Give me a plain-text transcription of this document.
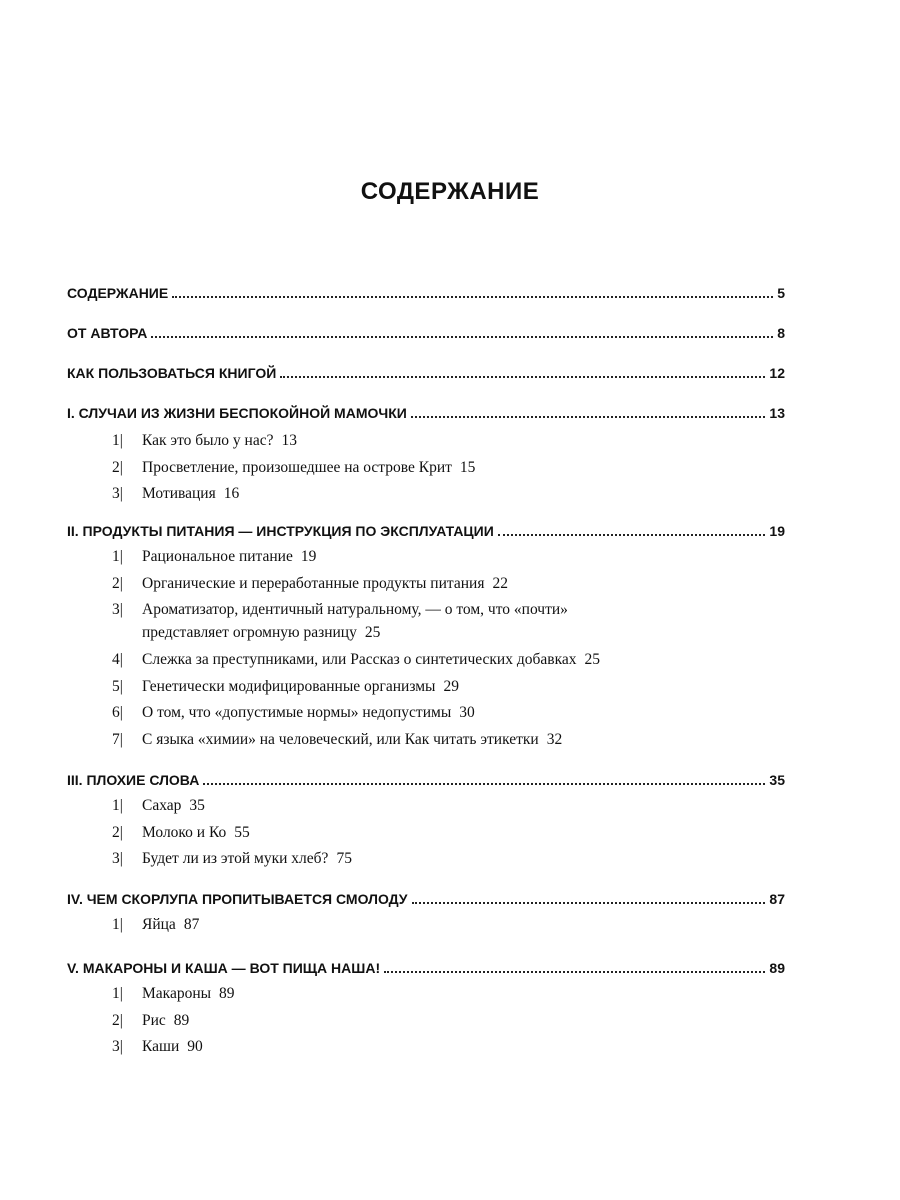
СОДЕРЖАНИЕ
СОДЕРЖАНИЕ	5
ОТ АВТОРА	8
КАК ПОЛЬЗОВАТЬСЯ КНИГОЙ	12
I. СЛУЧАИ ИЗ ЖИЗНИ БЕСПОКОЙНОЙ МАМОЧКИ	13
1|	Как это было у нас? 13
2|	Просветление, произошедшее на острове Крит 15
3|	Мотивация 16
II. ПРОДУКТЫ ПИТАНИЯ — ИНСТРУКЦИЯ ПО ЭКСПЛУАТАЦИИ	19
1|	Рациональное питание 19
2|	Органические и переработанные продукты питания 22
3|	Ароматизатор, идентичный натуральному, — о том, что «почти»
представляет огромную разницу 25
4|	Слежка за преступниками, или Рассказ о синтетических добавках 25
5|	Генетически модифицированные организмы 29
6|	О том, что «допустимые нормы» недопустимы 30
7|	С языка «химии» на человеческий, или Как читать этикетки 32
III. ПЛОХИЕ СЛОВА	35
1|	Сахар 35
2|	Молоко и Ко 55
3|	Будет ли из этой муки хлеб? 75
IV. ЧЕМ СКОРЛУПА ПРОПИТЫВАЕТСЯ СМОЛОДУ	87
1|	Яйца 87
V. МАКАРОНЫ И КАША — ВОТ ПИЩА НАША!	89
1|	Макароны 89
2|	Рис 89
3|	Каши 90
